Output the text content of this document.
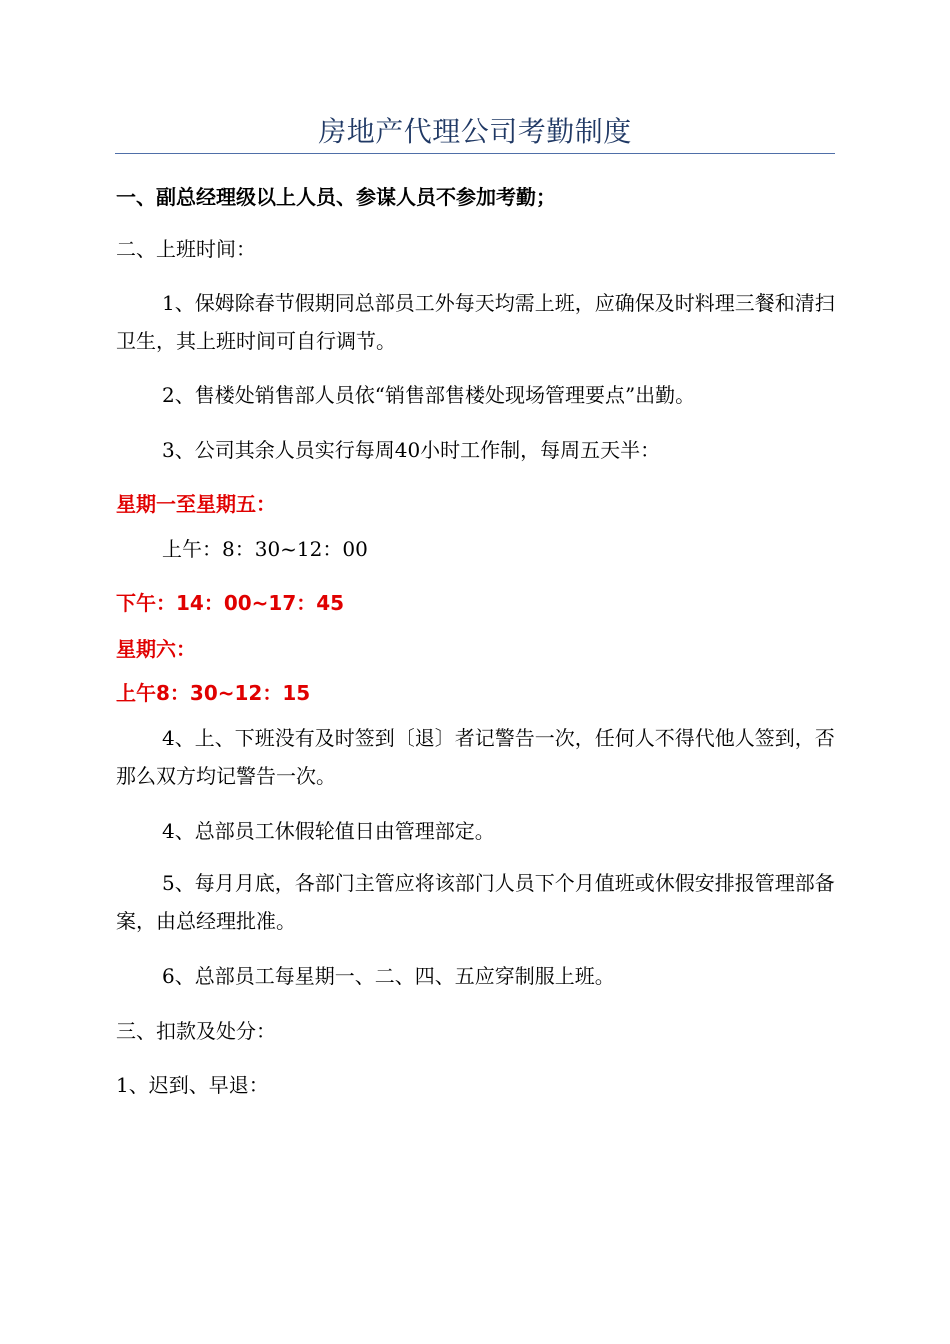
房地产代理公司考勤制度
一、副总经理级以上人员、参谋人员不参加考勤；
二、上班时间：
1、保姆除春节假期同总部员工外每天均需上班，应确保及时料理三餐和清扫卫生，其上班时间可自行调节。
2、售楼处销售部人员依“销售部售楼处现场管理要点”出勤。
3、公司其余人员实行每周40小时工作制，每周五天半：
星期一至星期五：
上午：8：30~12：00
下午：14：00~17：45
星期六：
上午8：30~12：15
4、上、下班没有及时签到〔退〕者记警告一次，任何人不得代他人签到，否那么双方均记警告一次。
4、总部员工休假轮值日由管理部定。
5、每月月底，各部门主管应将该部门人员下个月值班或休假安排报管理部备案，由总经理批准。
6、总部员工每星期一、二、四、五应穿制服上班。
三、扣款及处分：
1、迟到、早退：
